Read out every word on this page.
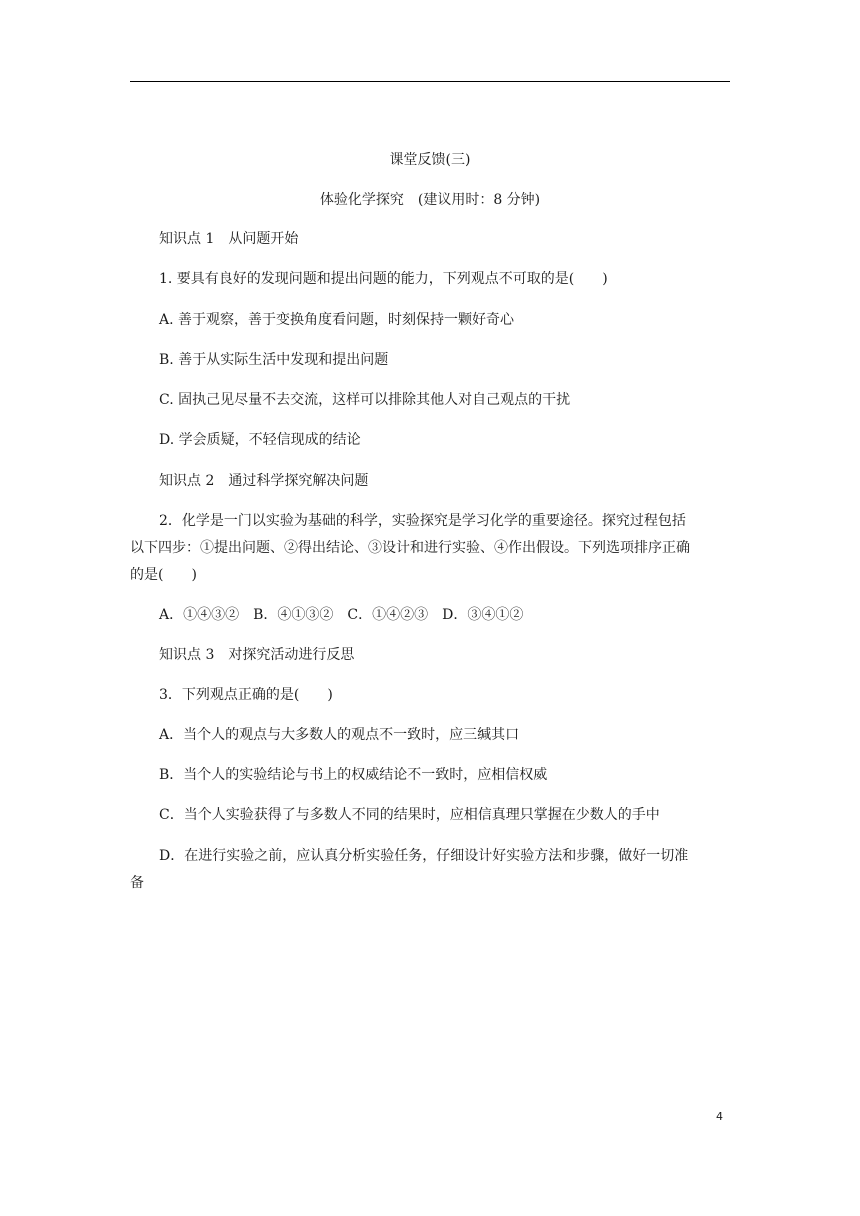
课堂反馈(三)
体验化学探究　(建议用时：8 分钟)
知识点 1　从问题开始
1. 要具有良好的发现问题和提出问题的能力，下列观点不可取的是(　　)
A. 善于观察，善于变换角度看问题，时刻保持一颗好奇心
B. 善于从实际生活中发现和提出问题
C. 固执己见尽量不去交流，这样可以排除其他人对自己观点的干扰
D. 学会质疑，不轻信现成的结论
知识点 2　通过科学探究解决问题
2．化学是一门以实验为基础的科学，实验探究是学习化学的重要途径。探究过程包括
以下四步：①提出问题、②得出结论、③设计和进行实验、④作出假设。下列选项排序正确
的是(　　)
A．①④③②　B．④①③②　C．①④②③　D．③④①②
知识点 3　对探究活动进行反思
3．下列观点正确的是(　　)
A．当个人的观点与大多数人的观点不一致时，应三缄其口
B．当个人的实验结论与书上的权威结论不一致时，应相信权威
C．当个人实验获得了与多数人不同的结果时，应相信真理只掌握在少数人的手中
D．在进行实验之前，应认真分析实验任务，仔细设计好实验方法和步骤，做好一切准
备
4
